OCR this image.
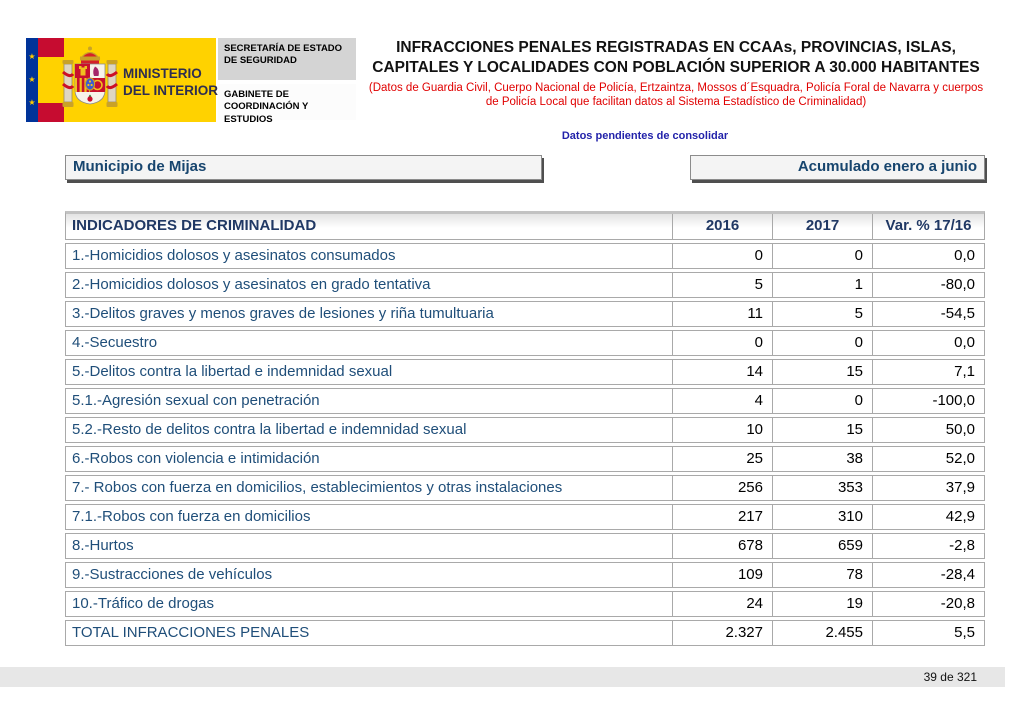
★
★
★
MINISTERIO DEL INTERIOR
SECRETARÍA DE ESTADO DE SEGURIDAD
GABINETE DE COORDINACIÓN Y ESTUDIOS
INFRACCIONES PENALES REGISTRADAS EN CCAAs, PROVINCIAS, ISLAS, CAPITALES Y LOCALIDADES CON POBLACIÓN SUPERIOR A 30.000 HABITANTES
(Datos de Guardia Civil, Cuerpo Nacional de Policía, Ertzaintza, Mossos d´Esquadra, Policía Foral de Navarra y cuerpos de Policía Local que facilitan datos al Sistema Estadístico de Criminalidad)
Datos pendientes de consolidar
Municipio de Mijas	Acumulado enero a junio
INDICADORES DE CRIMINALIDAD	2016	2017	Var. % 17/16
1.-Homicidios dolosos y asesinatos consumados	0	0	0,0
2.-Homicidios dolosos y asesinatos en grado tentativa	5	1	-80,0
3.-Delitos graves y menos graves de lesiones y riña tumultuaria	11	5	-54,5
4.-Secuestro	0	0	0,0
5.-Delitos contra la libertad e indemnidad sexual	14	15	7,1
5.1.-Agresión sexual con penetración	4	0	-100,0
5.2.-Resto de delitos contra la libertad e indemnidad sexual	10	15	50,0
6.-Robos con violencia e intimidación	25	38	52,0
7.- Robos con fuerza en domicilios, establecimientos y otras instalaciones	256	353	37,9
7.1.-Robos con fuerza en domicilios	217	310	42,9
8.-Hurtos	678	659	-2,8
9.-Sustracciones de vehículos	109	78	-28,4
10.-Tráfico de drogas	24	19	-20,8
TOTAL INFRACCIONES PENALES	2.327	2.455	5,5
39 de 321
